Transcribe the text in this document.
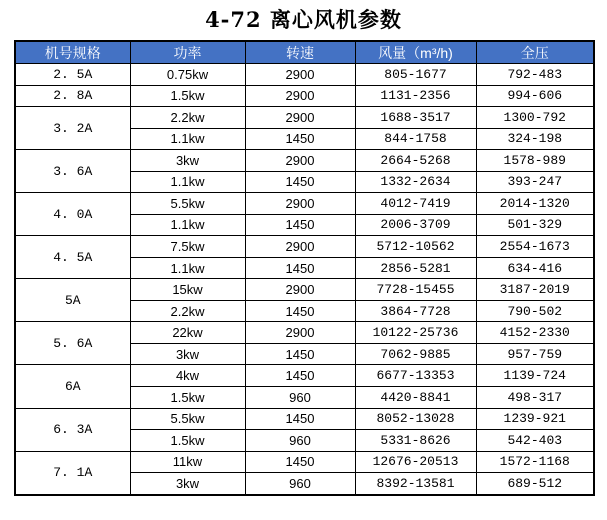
4-72 离心风机参数
机号规格	功率	转速	风量（m³/h)	全压
2. 5A	0.75kw	2900	805-1677	792-483
2. 8A	1.5kw	2900	1131-2356	994-606
3. 2A	2.2kw	2900	1688-3517	1300-792
	1.1kw	1450	844-1758	324-198
3. 6A	3kw	2900	2664-5268	1578-989
	1.1kw	1450	1332-2634	393-247
4. 0A	5.5kw	2900	4012-7419	2014-1320
	1.1kw	1450	2006-3709	501-329
4. 5A	7.5kw	2900	5712-10562	2554-1673
	1.1kw	1450	2856-5281	634-416
5A	15kw	2900	7728-15455	3187-2019
	2.2kw	1450	3864-7728	790-502
5. 6A	22kw	2900	10122-25736	4152-2330
	3kw	1450	7062-9885	957-759
6A	4kw	1450	6677-13353	1139-724
	1.5kw	960	4420-8841	498-317
6. 3A	5.5kw	1450	8052-13028	1239-921
	1.5kw	960	5331-8626	542-403
7. 1A	11kw	1450	12676-20513	1572-1168
	3kw	960	8392-13581	689-512
